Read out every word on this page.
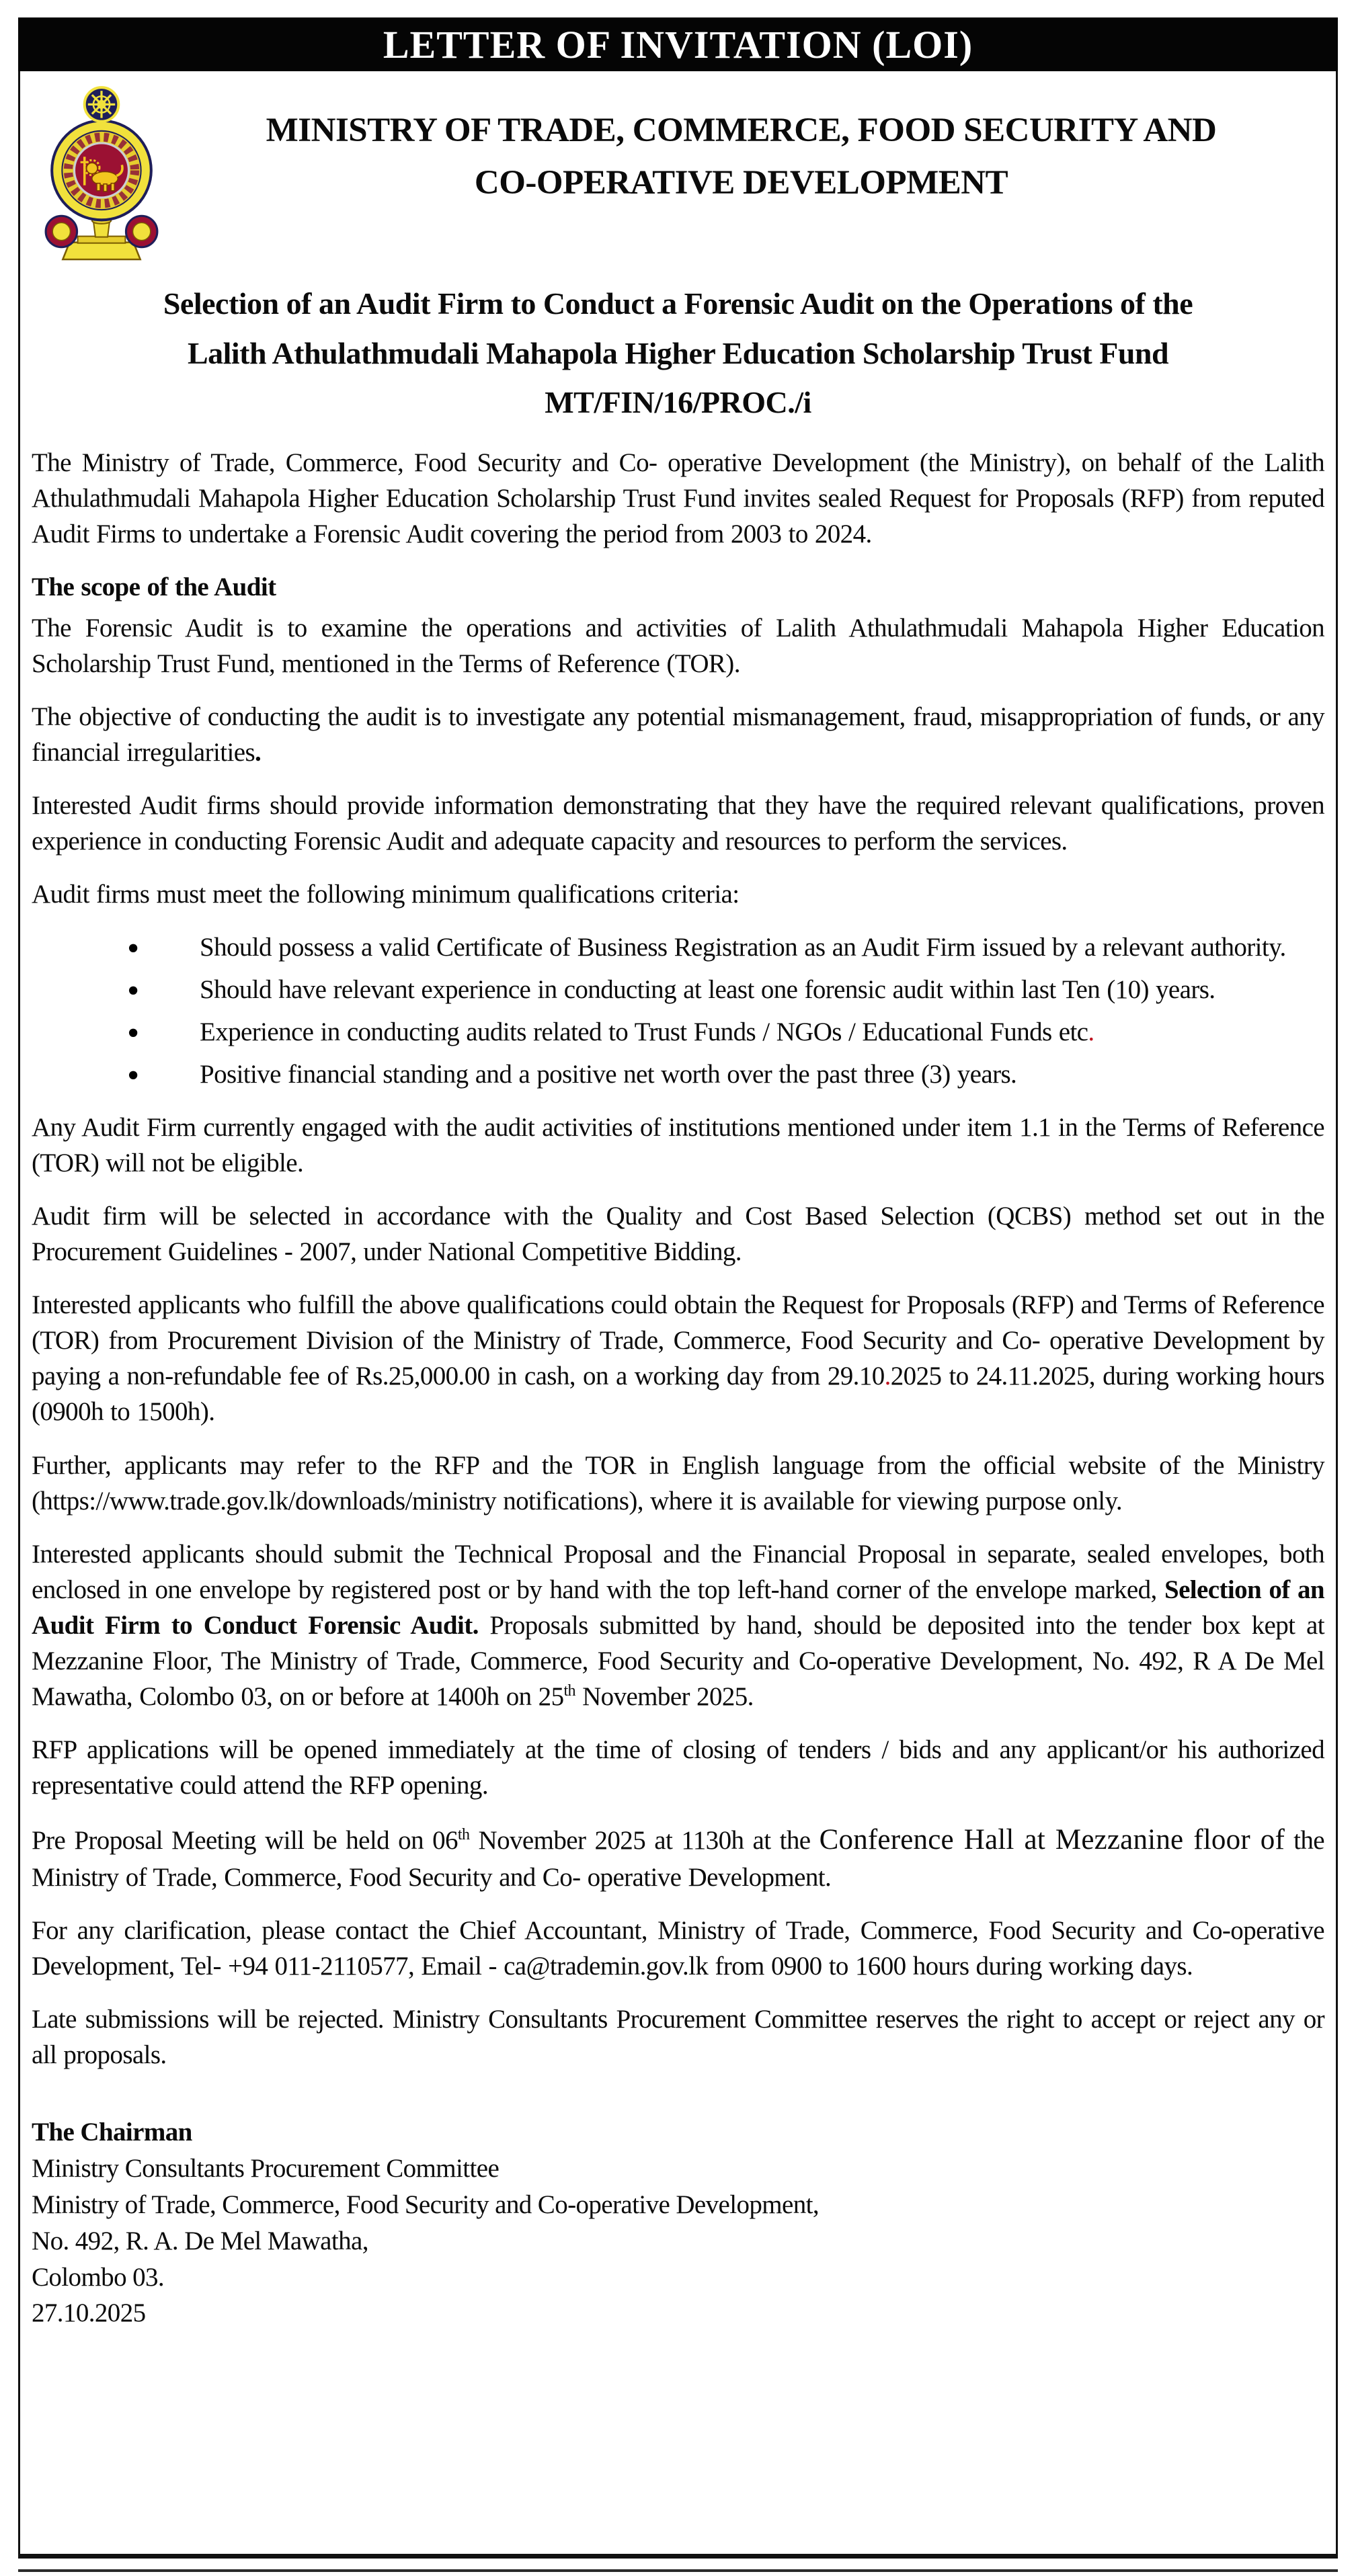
LETTER OF INVITATION (LOI)
MINISTRY OF TRADE, COMMERCE, FOOD SECURITY AND
CO-OPERATIVE DEVELOPMENT
Selection of an Audit Firm to Conduct a Forensic Audit on the Operations of the
Lalith Athulathmudali Mahapola Higher Education Scholarship Trust Fund
MT/FIN/16/PROC./i

The Ministry of Trade, Commerce, Food Security and Co- operative Development (the Ministry), on behalf of the Lalith Athulathmudali Mahapola Higher Education Scholarship Trust Fund invites sealed Request for Proposals (RFP) from reputed Audit Firms to undertake a Forensic Audit covering the period from 2003 to 2024.

The scope of the Audit

The Forensic Audit is to examine the operations and activities of Lalith Athulathmudali Mahapola Higher Education Scholarship Trust Fund, mentioned in the Terms of Reference (TOR).

The objective of conducting the audit is to investigate any potential mismanagement, fraud, misappropriation of funds, or any financial irregularities.

Interested Audit firms should provide information demonstrating that they have the required relevant qualifications, proven experience in conducting Forensic Audit and adequate capacity and resources to perform the services.

Audit firms must meet the following minimum qualifications criteria:

• Should possess a valid Certificate of Business Registration as an Audit Firm issued by a relevant authority.
• Should have relevant experience in conducting at least one forensic audit within last Ten (10) years.
• Experience in conducting audits related to Trust Funds / NGOs / Educational Funds etc.
• Positive financial standing and a positive net worth over the past three (3) years.

Any Audit Firm currently engaged with the audit activities of institutions mentioned under item 1.1 in the Terms of Reference (TOR) will not be eligible.

Audit firm will be selected in accordance with the Quality and Cost Based Selection (QCBS) method set out in the Procurement Guidelines - 2007, under National Competitive Bidding.

Interested applicants who fulfill the above qualifications could obtain the Request for Proposals (RFP) and Terms of Reference (TOR) from Procurement Division of the Ministry of Trade, Commerce, Food Security and Co- operative Development by paying a non-refundable fee of Rs.25,000.00 in cash, on a working day from 29.10.2025 to 24.11.2025, during working hours (0900h to 1500h).

Further, applicants may refer to the RFP and the TOR in English language from the official website of the Ministry (https://www.trade.gov.lk/downloads/ministry notifications), where it is available for viewing purpose only.

Interested applicants should submit the Technical Proposal and the Financial Proposal in separate, sealed envelopes, both enclosed in one envelope by registered post or by hand with the top left-hand corner of the envelope marked, Selection of an Audit Firm to Conduct Forensic Audit. Proposals submitted by hand, should be deposited into the tender box kept at Mezzanine Floor, The Ministry of Trade, Commerce, Food Security and Co-operative Development, No. 492, R A De Mel Mawatha, Colombo 03, on or before at 1400h on 25th November 2025.

RFP applications will be opened immediately at the time of closing of tenders / bids and any applicant/or his authorized representative could attend the RFP opening.

Pre Proposal Meeting will be held on 06th November 2025 at 1130h at the Conference Hall at Mezzanine floor of the Ministry of Trade, Commerce, Food Security and Co- operative Development.

For any clarification, please contact the Chief Accountant, Ministry of Trade, Commerce, Food Security and Co-operative Development, Tel- +94 011-2110577, Email - ca@trademin.gov.lk from 0900 to 1600 hours during working days.

Late submissions will be rejected. Ministry Consultants Procurement Committee reserves the right to accept or reject any or all proposals.

The Chairman
Ministry Consultants Procurement Committee
Ministry of Trade, Commerce, Food Security and Co-operative Development,
No. 492, R. A. De Mel Mawatha,
Colombo 03.
27.10.2025
